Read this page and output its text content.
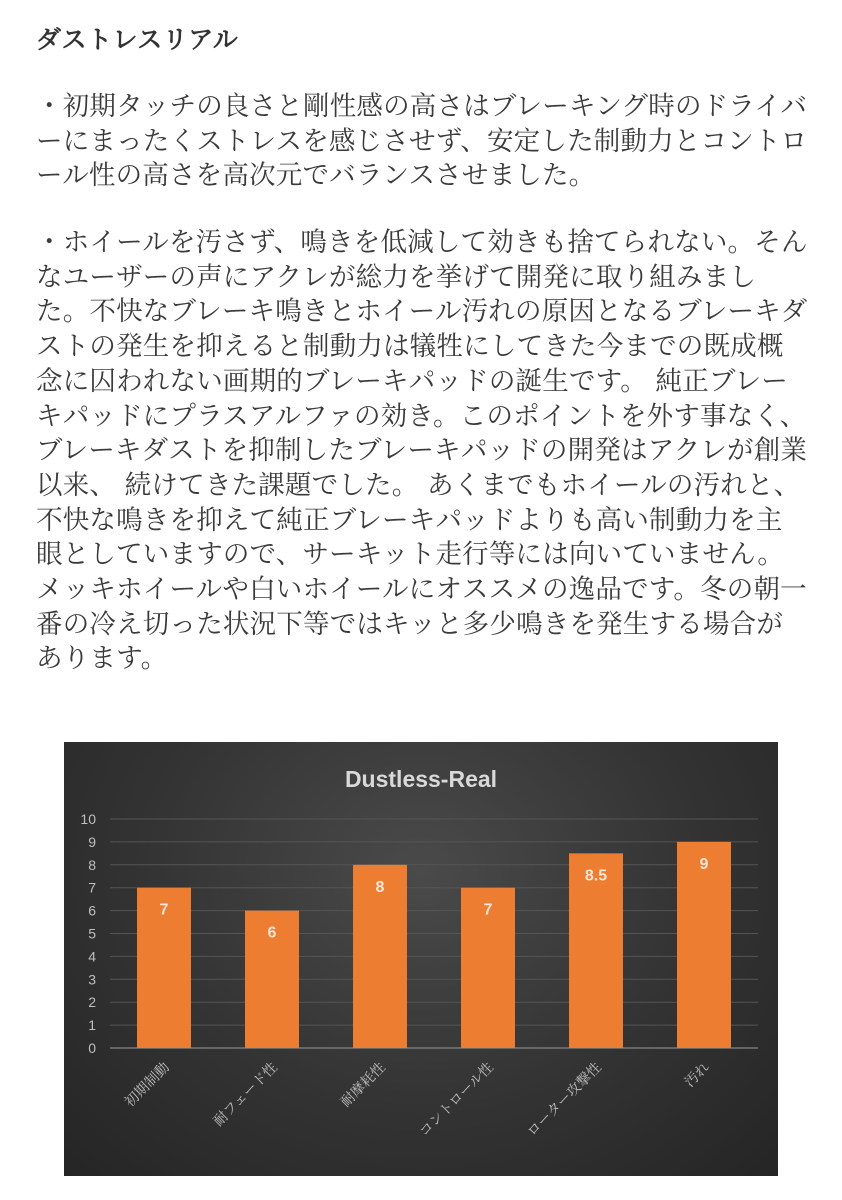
ダストレスリアル

・初期タッチの良さと剛性感の高さはブレーキング時のドライバーにまったくストレスを感じさせず、安定した制動力とコントロール性の高さを高次元でバランスさせました。

・ホイールを汚さず、鳴きを低減して効きも捨てられない。そんなユーザーの声にアクレが総力を挙げて開発に取り組みました。不快なブレーキ鳴きとホイール汚れの原因となるブレーキダストの発生を抑えると制動力は犠牲にしてきた今までの既成概念に囚われない画期的ブレーキパッドの誕生です。 純正ブレーキパッドにプラスアルファの効き。このポイントを外す事なく、ブレーキダストを抑制したブレーキパッドの開発はアクレが創業以来、 続けてきた課題でした。 あくまでもホイールの汚れと、不快な鳴きを抑えて純正ブレーキパッドよりも高い制動力を主眼としていますので、サーキット走行等には向いていません。メッキホイールや白いホイールにオススメの逸品です。冬の朝一番の冷え切った状況下等ではキッと多少鳴きを発生する場合があります。

Dustless-Real
0
1
2
3
4
5
6
7
8
9
10
7
6
8
7
8.5
9
初期制動	耐フェード性	耐摩耗性 コントロール性 ローター攻撃性	汚れ
